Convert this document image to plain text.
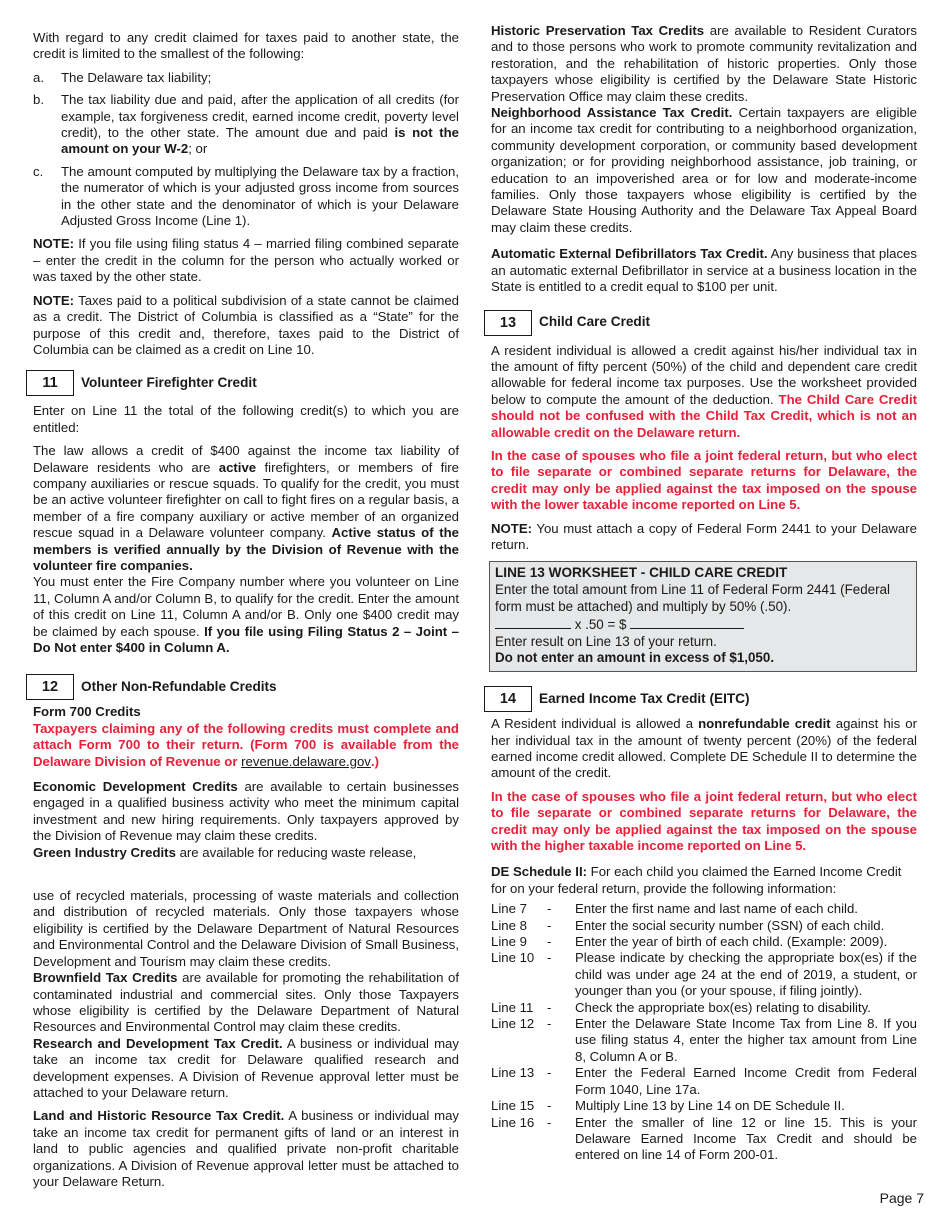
With regard to any credit claimed for taxes paid to another state, the credit is limited to the smallest of the following:

a. The Delaware tax liability;
b. The tax liability due and paid, after the application of all credits (for example, tax forgiveness credit, earned income credit, poverty level credit), to the other state. The amount due and paid is not the amount on your W-2; or
c. The amount computed by multiplying the Delaware tax by a fraction, the numerator of which is your adjusted gross income from sources in the other state and the denominator of which is your Delaware Adjusted Gross Income (Line 1).

NOTE: If you file using filing status 4 – married filing combined separate – enter the credit in the column for the person who actually worked or was taxed by the other state.

NOTE: Taxes paid to a political subdivision of a state cannot be claimed as a credit. The District of Columbia is classified as a “State” for the purpose of this credit and, therefore, taxes paid to the District of Columbia can be claimed as a credit on Line 10.

11	Volunteer Firefighter Credit

Enter on Line 11 the total of the following credit(s) to which you are entitled:

The law allows a credit of $400 against the income tax liability of Delaware residents who are active firefighters, or members of fire company auxiliaries or rescue squads. To qualify for the credit, you must be an active volunteer firefighter on call to fight fires on a regular basis, a member of a fire company auxiliary or active member of an organized rescue squad in a Delaware volunteer company. Active status of the members is verified annually by the Division of Revenue with the volunteer fire companies.

You must enter the Fire Company number where you volunteer on Line 11, Column A and/or Column B, to qualify for the credit. Enter the amount of this credit on Line 11, Column A and/or B. Only one $400 credit may be claimed by each spouse. If you file using Filing Status 2 – Joint – Do Not enter $400 in Column A.

12	Other Non-Refundable Credits
Form 700 Credits

Taxpayers claiming any of the following credits must complete and attach Form 700 to their return. (Form 700 is available from the Delaware Division of Revenue or revenue.delaware.gov.)

Economic Development Credits are available to certain businesses engaged in a qualified business activity who meet the minimum capital investment and new hiring requirements. Only taxpayers approved by the Division of Revenue may claim these credits.

Green Industry Credits are available for reducing waste release,

use of recycled materials, processing of waste materials and collection and distribution of recycled materials. Only those taxpayers whose eligibility is certified by the Delaware Department of Natural Resources and Environmental Control and the Delaware Division of Small Business, Development and Tourism may claim these credits.

Brownfield Tax Credits are available for promoting the rehabilitation of contaminated industrial and commercial sites. Only those Taxpayers whose eligibility is certified by the Delaware Department of Natural Resources and Environmental Control may claim these credits.

Research and Development Tax Credit. A business or individual may take an income tax credit for Delaware qualified research and development expenses. A Division of Revenue approval letter must be attached to your Delaware return.

Land and Historic Resource Tax Credit. A business or individual may take an income tax credit for permanent gifts of land or an interest in land to public agencies and qualified private non-profit charitable organizations. A Division of Revenue approval letter must be attached to your Delaware Return.

Historic Preservation Tax Credits are available to Resident Curators and to those persons who work to promote community revitalization and restoration, and the rehabilitation of historic properties. Only those taxpayers whose eligibility is certified by the Delaware State Historic Preservation Office may claim these credits.

Neighborhood Assistance Tax Credit. Certain taxpayers are eligible for an income tax credit for contributing to a neighborhood organization, community development corporation, or community based development organization; or for providing neighborhood assistance, job training, or education to an impoverished area or for low and moderate-income families. Only those taxpayers whose eligibility is certified by the Delaware State Housing Authority and the Delaware Tax Appeal Board may claim these credits.

Automatic External Defibrillators Tax Credit. Any business that places an automatic external Defibrillator in service at a business location in the State is entitled to a credit equal to $100 per unit.

13	Child Care Credit

A resident individual is allowed a credit against his/her individual tax in the amount of fifty percent (50%) of the child and dependent care credit allowable for federal income tax purposes. Use the worksheet provided below to compute the amount of the deduction. The Child Care Credit should not be confused with the Child Tax Credit, which is not an allowable credit on the Delaware return.

In the case of spouses who file a joint federal return, but who elect to file separate or combined separate returns for Delaware, the credit may only be applied against the tax imposed on the spouse with the lower taxable income reported on Line 5.

NOTE: You must attach a copy of Federal Form 2441 to your Delaware return.

LINE 13 WORKSHEET - CHILD CARE CREDIT
Enter the total amount from Line 11 of Federal Form 2441 (Federal form must be attached) and multiply by 50% (.50).
x .50 = $
Enter result on Line 13 of your return.
Do not enter an amount in excess of $1,050.
14	Earned Income Tax Credit (EITC)

A Resident individual is allowed a nonrefundable credit against his or her individual tax in the amount of twenty percent (20%) of the federal earned income credit allowed. Complete DE Schedule II to determine the amount of the credit.

In the case of spouses who file a joint federal return, but who elect to file separate or combined separate returns for Delaware, the credit may only be applied against the tax imposed on the spouse with the higher taxable income reported on Line 5.

DE Schedule II: For each child you claimed the Earned Income Credit for on your federal return, provide the following information:

Line 7	-	Enter the first name and last name of each child.
Line 8	-	Enter the social security number (SSN) of each child.
Line 9	-	Enter the year of birth of each child. (Example: 2009).
Line 10	-	Please indicate by checking the appropriate box(es) if the child was under age 24 at the end of 2019, a student, or younger than you (or your spouse, if filing jointly).
Line 11	-	Check the appropriate box(es) relating to disability.
Line 12	-	Enter the Delaware State Income Tax from Line 8. If you use filing status 4, enter the higher tax amount from Line 8, Column A or B.
Line 13	-	Enter the Federal Earned Income Credit from Federal Form 1040, Line 17a.
Line 15	-	Multiply Line 13 by Line 14 on DE Schedule II.
Line 16	-	Enter the smaller of line 12 or line 15. This is your Delaware Earned Income Tax Credit and should be entered on line 14 of Form 200-01.
Page 7
